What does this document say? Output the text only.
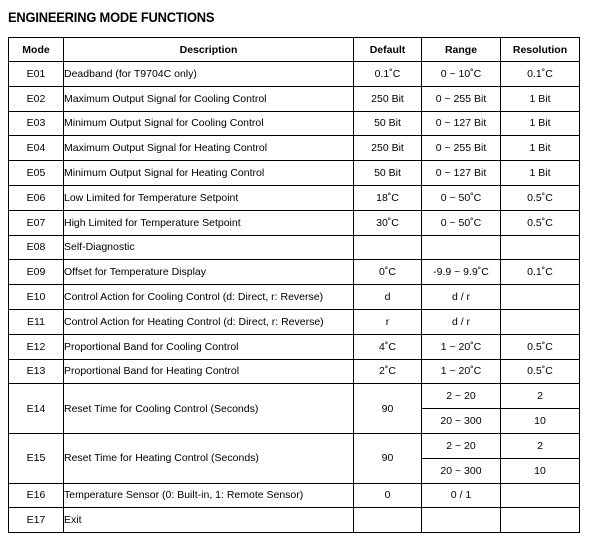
ENGINEERING MODE FUNCTIONS
Mode	Description	Default	Range	Resolution
E01	Deadband (for T9704C only)	0.1˚C	0 ~ 10˚C	0.1˚C
E02	Maximum Output Signal for Cooling Control	250 Bit	0 ~ 255 Bit	1 Bit
E03	Minimum Output Signal for Cooling Control	50 Bit	0 ~ 127 Bit	1 Bit
E04	Maximum Output Signal for Heating Control	250 Bit	0 ~ 255 Bit	1 Bit
E05	Minimum Output Signal for Heating Control	50 Bit	0 ~ 127 Bit	1 Bit
E06	Low Limited for Temperature Setpoint	18˚C	0 ~ 50˚C	0.5˚C
E07	High Limited for Temperature Setpoint	30˚C	0 ~ 50˚C	0.5˚C
E08	Self-Diagnostic			
E09	Offset for Temperature Display	0˚C	-9.9 ~ 9.9˚C	0.1˚C
E10	Control Action for Cooling Control (d: Direct, r: Reverse)	d	d / r	
E11	Control Action for Heating Control (d: Direct, r: Reverse)	r	d / r	
E12	Proportional Band for Cooling Control	4˚C	1 ~ 20˚C	0.5˚C
E13	Proportional Band for Heating Control	2˚C	1 ~ 20˚C	0.5˚C
E14	Reset Time for Cooling Control (Seconds)	90	2 ~ 20	2
			20 ~ 300	10
E15	Reset Time for Heating Control (Seconds)	90	2 ~ 20	2
			20 ~ 300	10
E16	Temperature Sensor (0: Built-in, 1: Remote Sensor)	0	0 / 1	
E17	Exit			
